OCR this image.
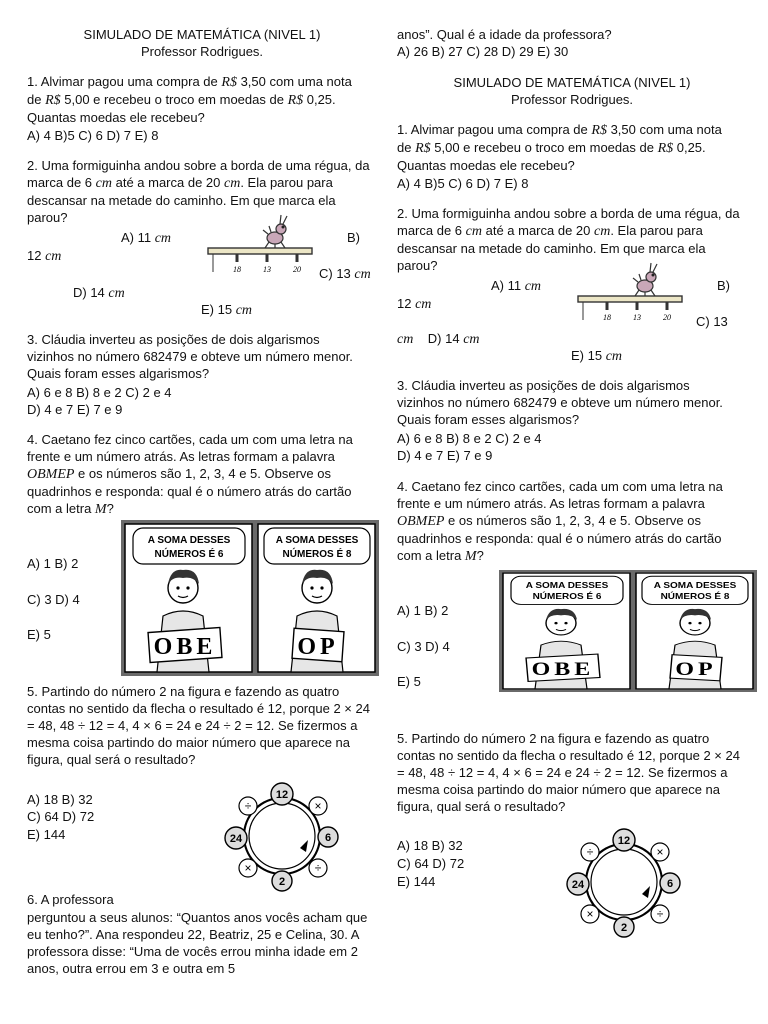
SIMULADO DE MATEMÁTICA (NIVEL 1)

Professor Rodrigues.

1. Alvimar pagou uma compra de R$ 3,50 com uma nota de R$ 5,00 e recebeu o troco em moedas de R$ 0,25. Quantas moedas ele recebeu?

A) 4 B)5 C) 6 D) 7 E) 8

2. Uma formiguinha andou sobre a borda de uma régua, da marca de 6 cm até a marca de 20 cm. Ela parou para descansar na metade do caminho. Em que marca ela parou?

A) 11 cm	B)
12 cm
C) 13 cm
D) 14 cm
E) 15 cm
18	13	20

3. Cláudia inverteu as posições de dois algarismos vizinhos no número 682479 e obteve um número menor. Quais foram esses algarismos?

A) 6 e 8 B) 8 e 2 C) 2 e 4

D) 4 e 7 E) 7 e 9

4. Caetano fez cinco cartões, cada um com uma letra na frente e um número atrás. As letras formam a palavra OBMEP e os números são 1, 2, 3, 4 e 5. Observe os quadrinhos e responda: qual é o número atrás do cartão com a letra M?

A) 1 B) 2

C) 3 D) 4

E) 5

A SOMA DESSES
NÚMEROS É 6
OBE
A SOMA DESSES
NÚMEROS É 8
OP

5. Partindo do número 2 na figura e fazendo as quatro contas no sentido da flecha o resultado é 12, porque 2 × 24 = 48, 48 ÷ 12 = 4, 4 × 6 = 24 e 24 ÷ 2 = 12. Se fizermos a mesma coisa partindo do maior número que aparece na figura, qual será o resultado?

A) 18 B) 32

C) 64 D) 72

E) 144

12
6
2
24
÷	×
÷
×

6. A professora

perguntou a seus alunos: “Quantos anos vocês acham que eu tenho?”. Ana respondeu 22, Beatriz, 25 e Celina, 30. A professora disse: “Uma de vocês errou minha idade em 2 anos, outra errou em 3 e outra em 5

anos”. Qual é a idade da professora?

A) 26 B) 27 C) 28 D) 29 E) 30

SIMULADO DE MATEMÁTICA (NIVEL 1)

Professor Rodrigues.

1. Alvimar pagou uma compra de R$ 3,50 com uma nota de R$ 5,00 e recebeu o troco em moedas de R$ 0,25. Quantas moedas ele recebeu?

A) 4 B)5 C) 6 D) 7 E) 8

2. Uma formiguinha andou sobre a borda de uma régua, da marca de 6 cm até a marca de 20 cm. Ela parou para descansar na metade do caminho. Em que marca ela parou?

A) 11 cm	B)
12 cm
C) 13
cm D) 14 cm
E) 15 cm
18	13	20

3. Cláudia inverteu as posições de dois algarismos vizinhos no número 682479 e obteve um número menor. Quais foram esses algarismos?

A) 6 e 8 B) 8 e 2 C) 2 e 4

D) 4 e 7 E) 7 e 9

4. Caetano fez cinco cartões, cada um com uma letra na frente e um número atrás. As letras formam a palavra OBMEP e os números são 1, 2, 3, 4 e 5. Observe os quadrinhos e responda: qual é o número atrás do cartão com a letra M?

A) 1 B) 2

C) 3 D) 4

E) 5

A SOMA DESSES
NÚMEROS É 6
OBE
A SOMA DESSES
NÚMEROS É 8
OP

5. Partindo do número 2 na figura e fazendo as quatro contas no sentido da flecha o resultado é 12, porque 2 × 24 = 48, 48 ÷ 12 = 4, 4 × 6 = 24 e 24 ÷ 2 = 12. Se fizermos a mesma coisa partindo do maior número que aparece na figura, qual será o resultado?

A) 18 B) 32

C) 64 D) 72

E) 144

12
6
2
24
÷	×
÷
×
